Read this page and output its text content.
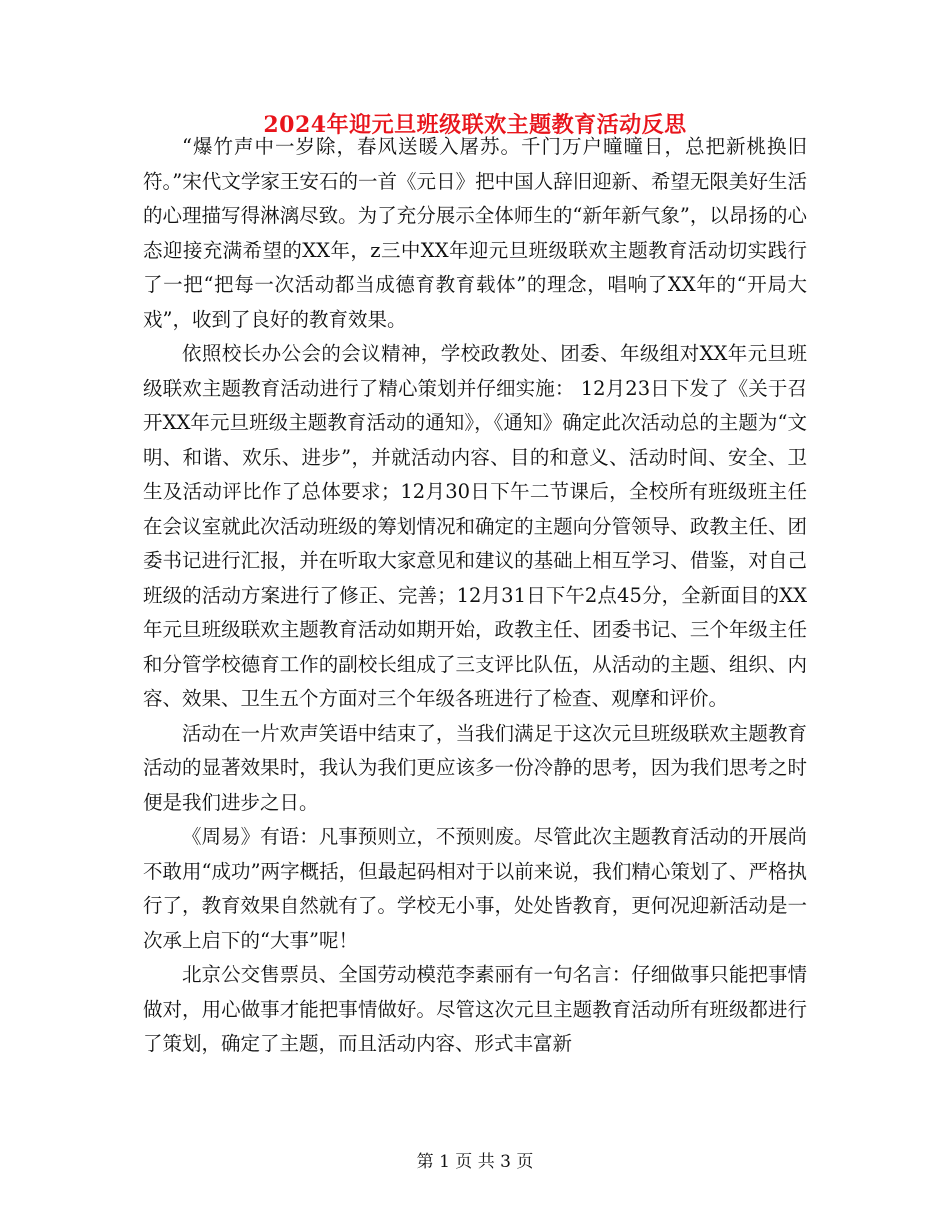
2024年迎元旦班级联欢主题教育活动反思

“爆竹声中一岁除，春风送暖入屠苏。千门万户曈曈日，总把新桃换旧符。”宋代文学家王安石的一首《元日》把中国人辞旧迎新、希望无限美好生活的心理描写得淋漓尽致。为了充分展示全体师生的“新年新气象”，以昂扬的心态迎接充满希望的XX年，z三中XX年迎元旦班级联欢主题教育活动切实践行了一把“把每一次活动都当成德育教育载体”的理念，唱响了XX年的“开局大戏”，收到了良好的教育效果。

依照校长办公会的会议精神，学校政教处、团委、年级组对XX年元旦班级联欢主题教育活动进行了精心策划并仔细实施： 12月23日下发了《关于召开XX年元旦班级主题教育活动的通知》，《通知》确定此次活动总的主题为“文明、和谐、欢乐、进步”，并就活动内容、目的和意义、活动时间、安全、卫生及活动评比作了总体要求；12月30日下午二节课后，全校所有班级班主任在会议室就此次活动班级的筹划情况和确定的主题向分管领导、政教主任、团委书记进行汇报，并在听取大家意见和建议的基础上相互学习、借鉴，对自己班级的活动方案进行了修正、完善；12月31日下午2点45分，全新面目的XX年元旦班级联欢主题教育活动如期开始，政教主任、团委书记、三个年级主任和分管学校德育工作的副校长组成了三支评比队伍，从活动的主题、组织、内容、效果、卫生五个方面对三个年级各班进行了检查、观摩和评价。

活动在一片欢声笑语中结束了，当我们满足于这次元旦班级联欢主题教育活动的显著效果时，我认为我们更应该多一份冷静的思考，因为我们思考之时便是我们进步之日。

《周易》有语：凡事预则立，不预则废。尽管此次主题教育活动的开展尚不敢用“成功”两字概括，但最起码相对于以前来说，我们精心策划了、严格执行了，教育效果自然就有了。学校无小事，处处皆教育，更何况迎新活动是一次承上启下的“大事”呢！

北京公交售票员、全国劳动模范李素丽有一句名言：仔细做事只能把事情做对，用心做事才能把事情做好。尽管这次元旦主题教育活动所有班级都进行了策划，确定了主题，而且活动内容、形式丰富新

第 1 页 共 3 页
